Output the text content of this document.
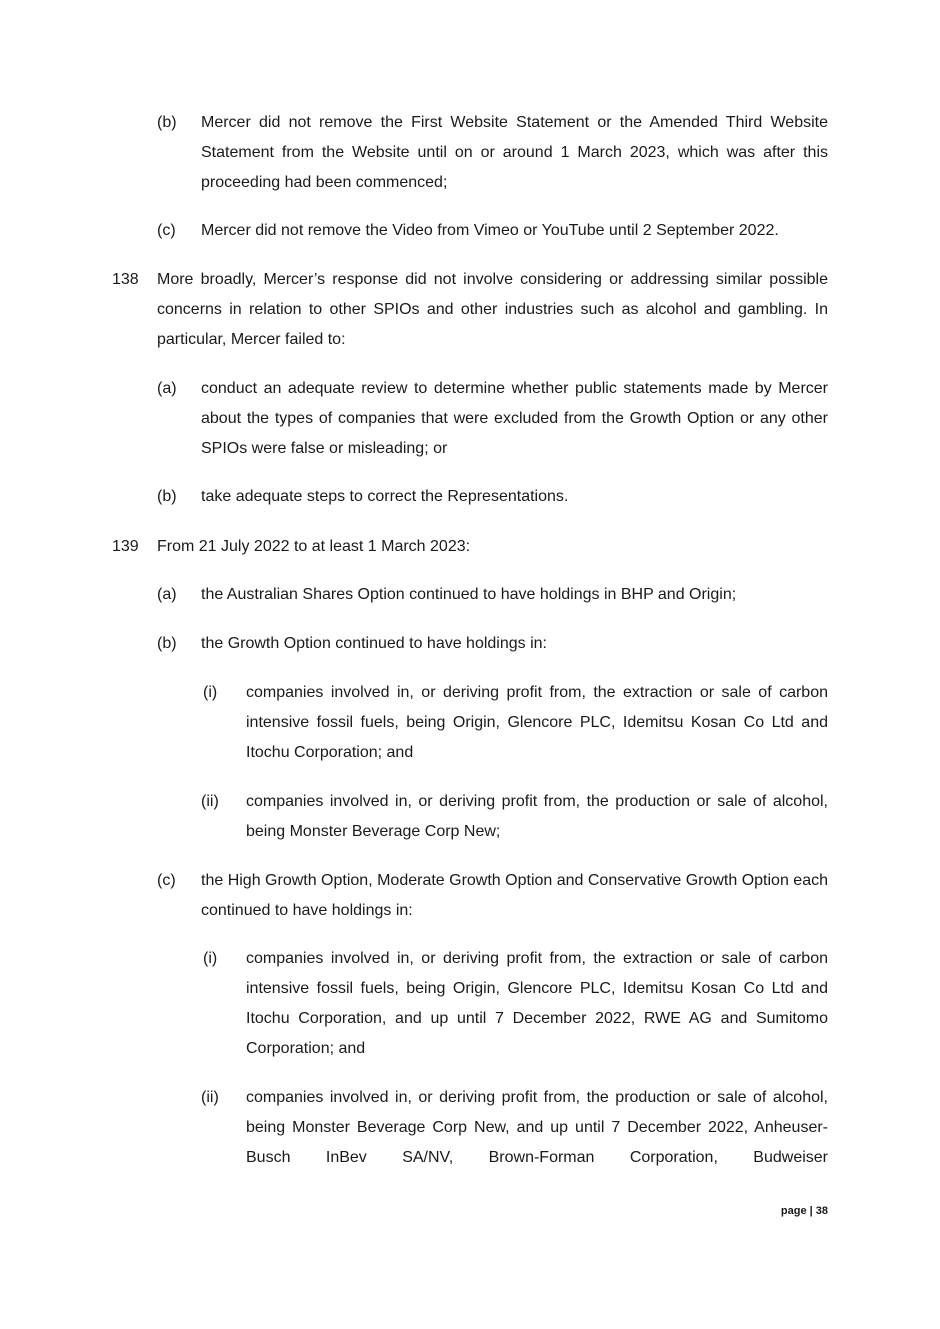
(b) Mercer did not remove the First Website Statement or the Amended Third Website Statement from the Website until on or around 1 March 2023, which was after this proceeding had been commenced;
(c) Mercer did not remove the Video from Vimeo or YouTube until 2 September 2022.
138 More broadly, Mercer’s response did not involve considering or addressing similar possible concerns in relation to other SPIOs and other industries such as alcohol and gambling. In particular, Mercer failed to:
(a) conduct an adequate review to determine whether public statements made by Mercer about the types of companies that were excluded from the Growth Option or any other SPIOs were false or misleading; or
(b) take adequate steps to correct the Representations.
139 From 21 July 2022 to at least 1 March 2023:
(a) the Australian Shares Option continued to have holdings in BHP and Origin;
(b) the Growth Option continued to have holdings in:
(i) companies involved in, or deriving profit from, the extraction or sale of carbon intensive fossil fuels, being Origin, Glencore PLC, Idemitsu Kosan Co Ltd and Itochu Corporation; and
(ii) companies involved in, or deriving profit from, the production or sale of alcohol, being Monster Beverage Corp New;
(c) the High Growth Option, Moderate Growth Option and Conservative Growth Option each continued to have holdings in:
(i) companies involved in, or deriving profit from, the extraction or sale of carbon intensive fossil fuels, being Origin, Glencore PLC, Idemitsu Kosan Co Ltd and Itochu Corporation, and up until 7 December 2022, RWE AG and Sumitomo Corporation; and
(ii) companies involved in, or deriving profit from, the production or sale of alcohol, being Monster Beverage Corp New, and up until 7 December 2022, Anheuser-Busch InBev SA/NV, Brown-Forman Corporation, Budweiser
page | 38
